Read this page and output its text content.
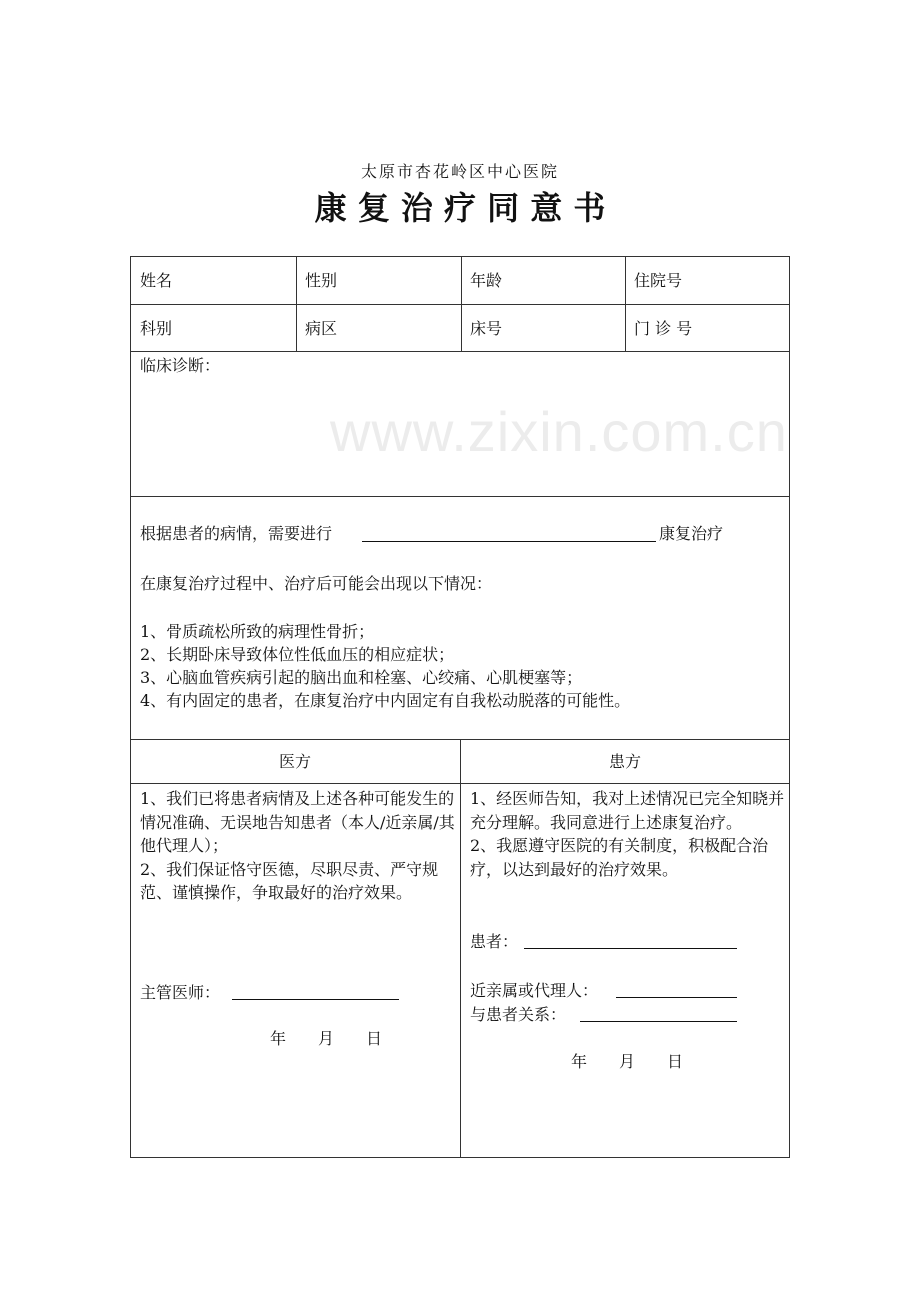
www.zixin.com.cn
太原市杏花岭区中心医院
康 复 治 疗 同 意 书
姓名	性别	年龄	住院号
科别	病区	床号	门 诊 号
临床诊断：
根据患者的病情，需要进行	康复治疗
在康复治疗过程中、治疗后可能会出现以下情况：
1、骨质疏松所致的病理性骨折；
2、长期卧床导致体位性低血压的相应症状；
3、心脑血管疾病引起的脑出血和栓塞、心绞痛、心肌梗塞等；
4、有内固定的患者，在康复治疗中内固定有自我松动脱落的可能性。
医方	患方
1、我们已将患者病情及上述各种可能发生的情况准确、无误地告知患者（本人/近亲属/其他代理人）；
2、我们保证恪守医德，尽职尽责、严守规范、谨慎操作，争取最好的治疗效果。
主管医师：
年　　月　　日
1、经医师告知，我对上述情况已完全知晓并充分理解。我同意进行上述康复治疗。
2、我愿遵守医院的有关制度，积极配合治疗，以达到最好的治疗效果。
患者：
近亲属或代理人：
与患者关系：
年　　月　　日
